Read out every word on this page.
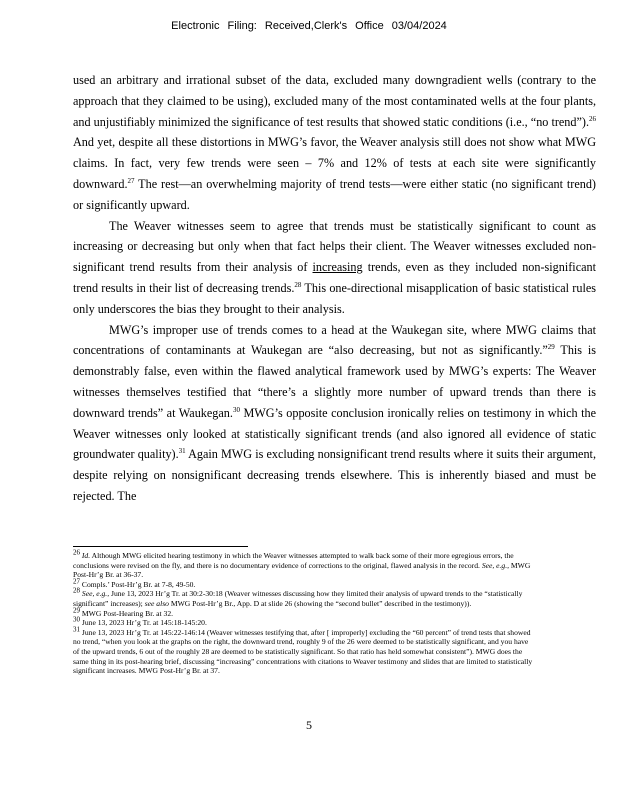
Electronic Filing: Received,Clerk's Office 03/04/2024

used an arbitrary and irrational subset of the data, excluded many downgradient wells (contrary to the approach that they claimed to be using), excluded many of the most contaminated wells at the four plants, and unjustifiably minimized the significance of test results that showed static conditions (i.e., “no trend”).$^{26}$ And yet, despite all these distortions in MWG’s favor, the Weaver analysis still does not show what MWG claims. In fact, very few trends were seen – 7% and 12% of tests at each site were significantly downward.$^{27}$ The rest—an overwhelming majority of trend tests—were either static (no significant trend) or significantly upward.

The Weaver witnesses seem to agree that trends must be statistically significant to count as increasing or decreasing but only when that fact helps their client. The Weaver witnesses excluded non-significant trend results from their analysis of increasing trends, even as they included non-significant trend results in their list of decreasing trends.$^{28}$ This one-directional misapplication of basic statistical rules only underscores the bias they brought to their analysis.

MWG’s improper use of trends comes to a head at the Waukegan site, where MWG claims that concentrations of contaminants at Waukegan are “also decreasing, but not as significantly.”$^{29}$ This is demonstrably false, even within the flawed analytical framework used by MWG’s experts: The Weaver witnesses themselves testified that “there’s a slightly more number of upward trends than there is downward trends” at Waukegan.$^{30}$ MWG’s opposite conclusion ironically relies on testimony in which the Weaver witnesses only looked at statistically significant trends (and also ignored all evidence of static groundwater quality).$^{31}$ Again MWG is excluding nonsignificant trend results where it suits their argument, despite relying on nonsignificant decreasing trends elsewhere. This is inherently biased and must be rejected. The

26 Id. Although MWG elicited hearing testimony in which the Weaver witnesses attempted to walk back some of their more egregious errors, the conclusions were revised on the fly, and there is no documentary evidence of corrections to the original, flawed analysis in the record. See, e.g., MWG Post-Hr’g Br. at 36-37.

27 Compls.’ Post-Hr’g Br. at 7-8, 49-50.

28 See, e.g., June 13, 2023 Hr’g Tr. at 30:2-30:18 (Weaver witnesses discussing how they limited their analysis of upward trends to the “statistically significant” increases); see also MWG Post-Hr’g Br., App. D at slide 26 (showing the “second bullet” described in the testimony)).

29 MWG Post-Hearing Br. at 32.

30 June 13, 2023 Hr’g Tr. at 145:18-145:20.

31 June 13, 2023 Hr’g Tr. at 145:22-146:14 (Weaver witnesses testifying that, after [ improperly] excluding the “60 percent” of trend tests that showed no trend, “when you look at the graphs on the right, the downward trend, roughly 9 of the 26 were deemed to be statistically significant, and you have of the upward trends, 6 out of the roughly 28 are deemed to be statistically significant. So that ratio has held somewhat consistent”). MWG does the same thing in its post-hearing brief, discussing “increasing” concentrations with citations to Weaver testimony and slides that are limited to statistically significant increases. MWG Post-Hr’g Br. at 37.

5
